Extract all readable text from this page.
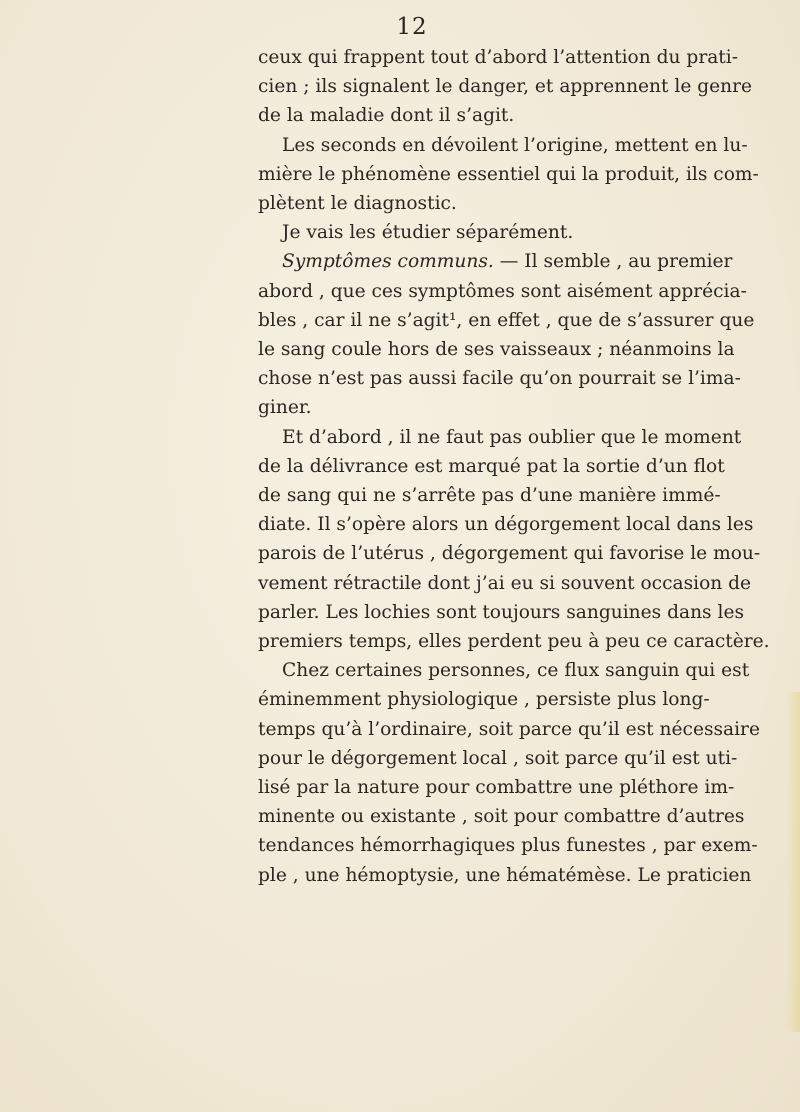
12

ceux qui frappent tout d’abord l’attention du prati-
cien ; ils signalent le danger, et apprennent le genre
de la maladie dont il s’agit.

Les seconds en dévoilent l’origine, mettent en lu-
mière le phénomène essentiel qui la produit, ils com-
plètent le diagnostic.

Je vais les étudier séparément.

Symptômes communs. — Il semble , au premier
abord , que ces symptômes sont aisément apprécia-
bles , car il ne s’agit¹, en effet , que de s’assurer que
le sang coule hors de ses vaisseaux ; néanmoins la
chose n’est pas aussi facile qu’on pourrait se l’ima-
giner.

Et d’abord , il ne faut pas oublier que le moment
de la délivrance est marqué pat la sortie d’un flot
de sang qui ne s’arrête pas d’une manière immé-
diate. Il s’opère alors un dégorgement local dans les
parois de l’utérus , dégorgement qui favorise le mou-
vement rétractile dont j’ai eu si souvent occasion de
parler. Les lochies sont toujours sanguines dans les
premiers temps, elles perdent peu à peu ce caractère.

Chez certaines personnes, ce flux sanguin qui est
éminemment physiologique , persiste plus long-
temps qu’à l’ordinaire, soit parce qu’il est nécessaire
pour le dégorgement local , soit parce qu’il est uti-
lisé par la nature pour combattre une pléthore im-
minente ou existante , soit pour combattre d’autres
tendances hémorrhagiques plus funestes , par exem-
ple , une hémoptysie, une hématémèse. Le praticien
